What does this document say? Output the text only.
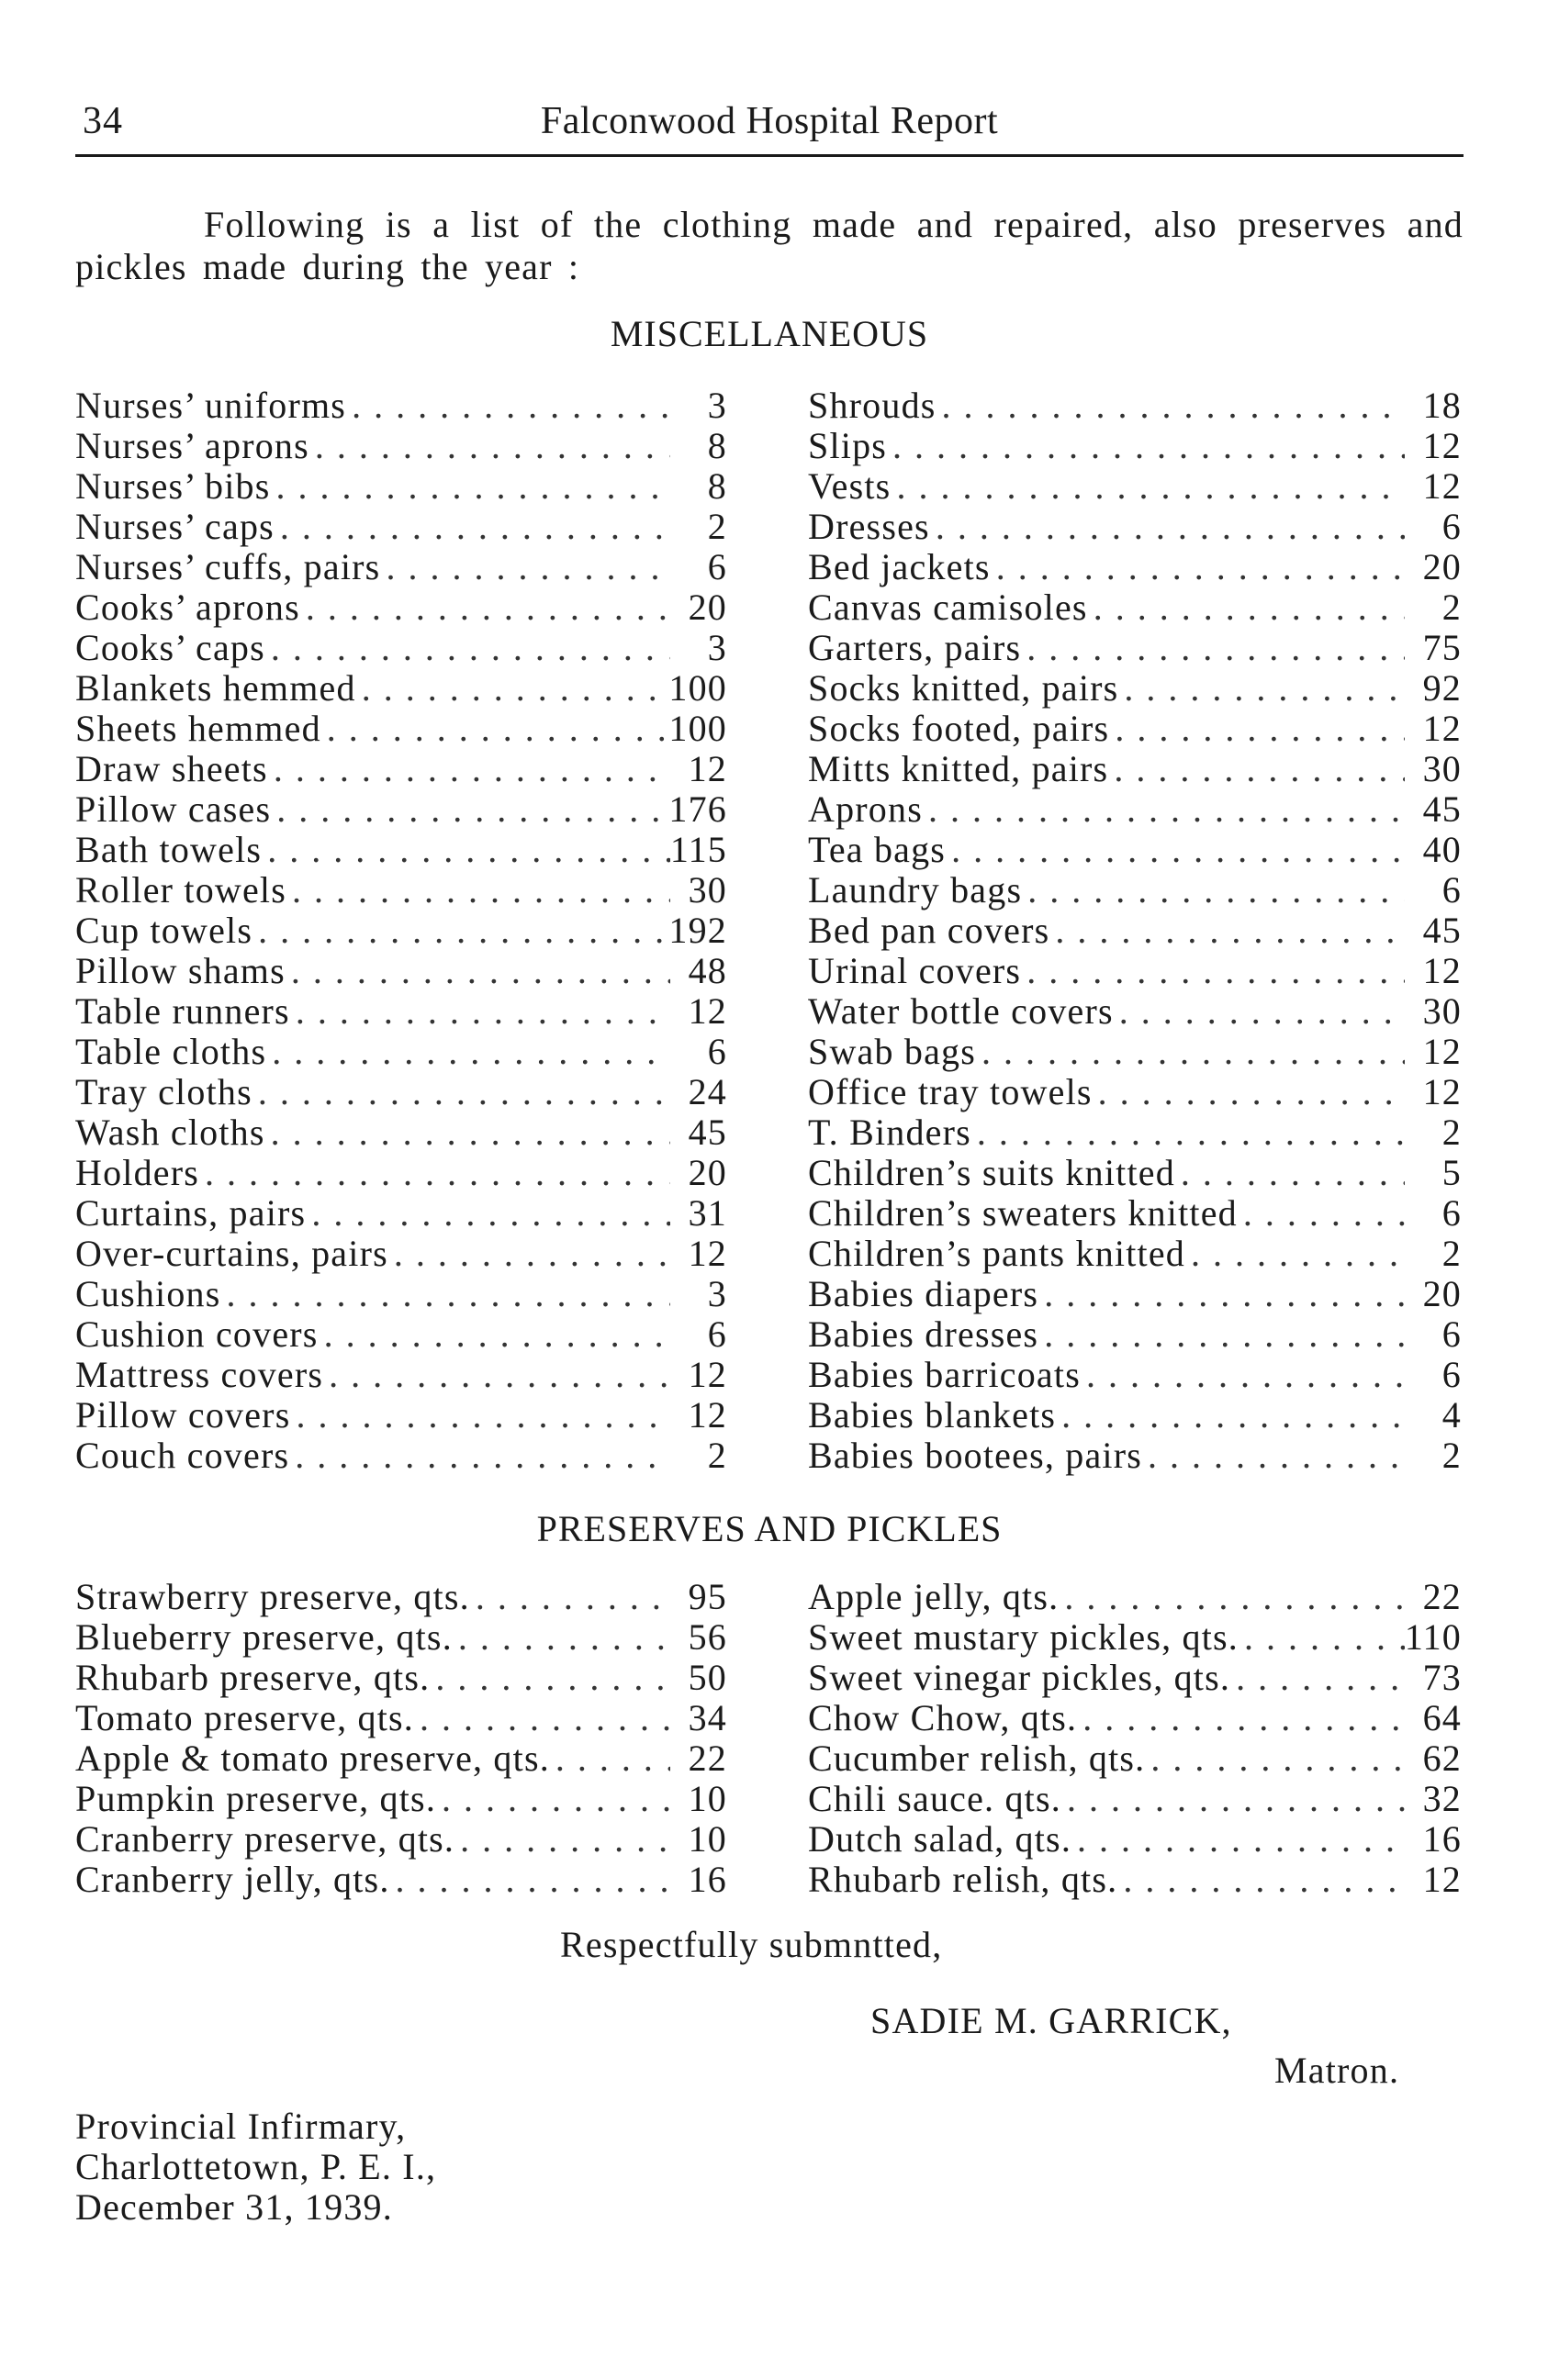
34	Falconwood Hospital Report

Following is a list of the clothing made and repaired, also preserves and pickles made during the year :

MISCELLANEOUS
Nurses’ uniforms . . .	3
Nurses’ aprons . . .	8
Nurses’ bibs . . .	8
Nurses’ caps . . .	2
Nurses’ cuffs, pairs . . .	6
Cooks’ aprons . . .	20
Cooks’ caps . . .	3
Blankets hemmed . . .	100
Sheets hemmed . . .	100
Draw sheets . . .	12
Pillow cases . . .	176
Bath towels . . .	115
Roller towels . . .	30
Cup towels . . .	192
Pillow shams . . .	48
Table runners . . .	12
Table cloths . . .	6
Tray cloths . . .	24
Wash cloths . . .	45
Holders . . .	20
Curtains, pairs . . .	31
Over-curtains, pairs . . .	12
Cushions . . .	3
Cushion covers . . .	6
Mattress covers . . .	12
Pillow covers . . .	12
Couch covers . . .	2
Shrouds . . .	18
Slips . . .	12
Vests . . .	12
Dresses . . .	6
Bed jackets . . .	20
Canvas camisoles . . .	2
Garters, pairs . . .	75
Socks knitted, pairs . . .	92
Socks footed, pairs . . .	12
Mitts knitted, pairs . . .	30
Aprons . . .	45
Tea bags . . .	40
Laundry bags . . .	6
Bed pan covers . . .	45
Urinal covers . . .	12
Water bottle covers . . .	30
Swab bags . . .	12
Office tray towels . . .	12
T. Binders . . .	2
Children’s suits knitted . . .	5
Children’s sweaters knitted . . .	6
Children’s pants knitted . . .	2
Babies diapers . . .	20
Babies dresses . . .	6
Babies barricoats . . .	6
Babies blankets . . .	4
Babies bootees, pairs . . .	2
PRESERVES AND PICKLES
Strawberry preserve, qts. . . .	95
Blueberry preserve, qts. . . .	56
Rhubarb preserve, qts. . . .	50
Tomato preserve, qts. . . .	34
Apple & tomato preserve, qts. . . .	22
Pumpkin preserve, qts. . . .	10
Cranberry preserve, qts. . . .	10
Cranberry jelly, qts. . . .	16
Apple jelly, qts. . . .	22
Sweet mustary pickles, qts. . . .	110
Sweet vinegar pickles, qts. . . .	73
Chow Chow, qts. . . .	64
Cucumber relish, qts. . . .	62
Chili sauce. qts. . . .	32
Dutch salad, qts. . . .	16
Rhubarb relish, qts. . . .	12
Respectfully submntted,
SADIE M. GARRICK,
Matron.
Provincial Infirmary,
Charlottetown, P. E. I.,
December 31, 1939.
